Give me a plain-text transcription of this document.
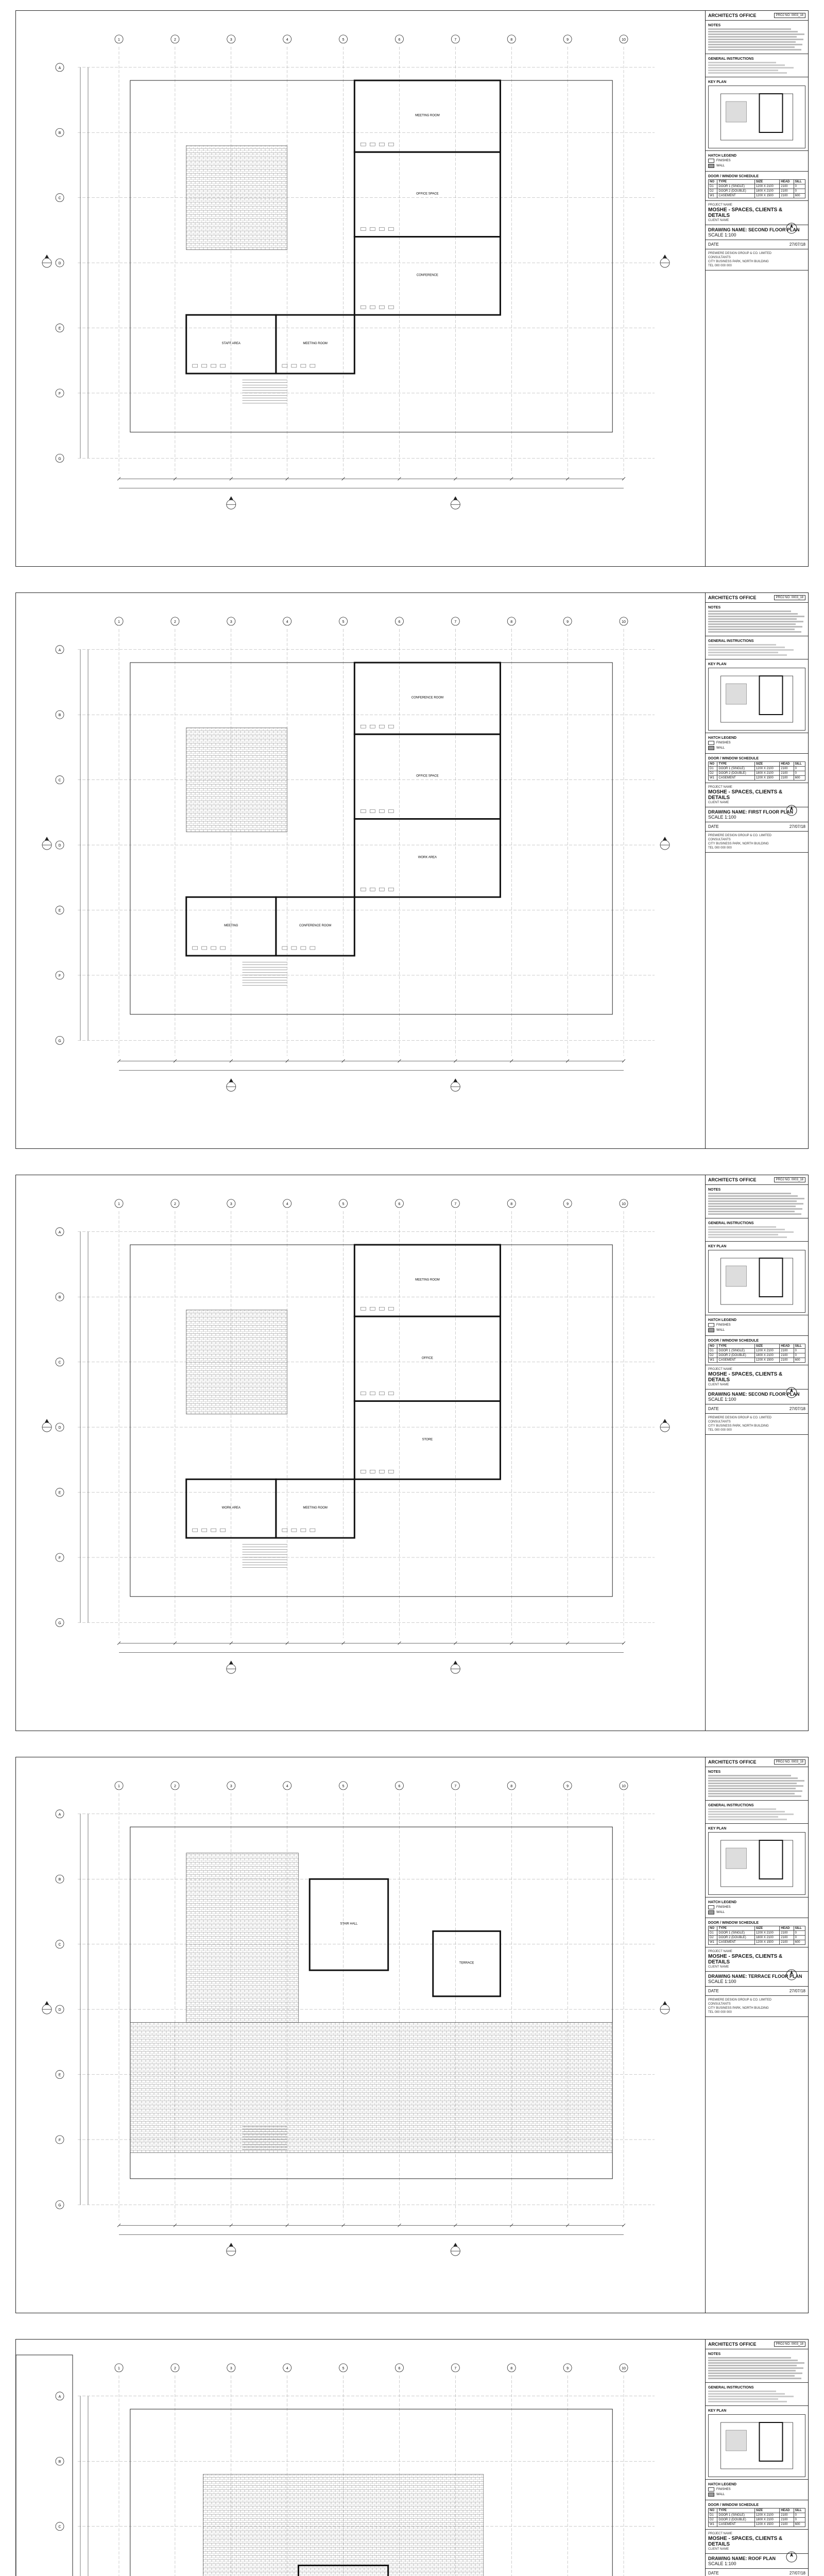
1	2	3	4	5	6	7	8	9	10
A
B
C
D
E
F
G
MEETING ROOM
OFFICE SPACE
CONFERENCE
STAFF AREA	MEETING ROOM
ARCHITECTS OFFICE	PROJ NO. 0003_18
NOTES
GENERAL INSTRUCTIONS
KEY PLAN
HATCH LEGEND
FINISHES
WALL
DOOR / WINDOW SCHEDULE
NO	TYPE	SIZE	HEAD	SILL
D1	DOOR 1 (SINGLE)	1200 X 2100	2100	0
D2	DOOR 2 (DOUBLE)	1800 X 2100	2100	0
W1	CASEMENT	1200 X 1500	2100	600
PROJECT NAME
MOSHE - SPACES, CLIENTS & DETAILS
CLIENT NAME
DRAWING NAME: SECOND FLOOR PLAN
SCALE 1:100
DATE	27/07/18
PREMIERE DESIGN GROUP & CO. LIMITED
CONSULTANTS
CITY BUSINESS PARK, NORTH BUILDING
TEL 000 000 000
1	2	3	4	5	6	7	8	9	10
A
B
C
D
E
F
G
CONFERENCE ROOM
OFFICE SPACE
WORK AREA
MEETING	CONFERENCE ROOM
ARCHITECTS OFFICE	PROJ NO. 0003_18
NOTES
GENERAL INSTRUCTIONS
KEY PLAN
HATCH LEGEND
FINISHES
WALL
DOOR / WINDOW SCHEDULE
NO	TYPE	SIZE	HEAD	SILL
D1	DOOR 1 (SINGLE)	1200 X 2100	2100	0
D2	DOOR 2 (DOUBLE)	1800 X 2100	2100	0
W1	CASEMENT	1200 X 1500	2100	600
PROJECT NAME
MOSHE - SPACES, CLIENTS & DETAILS
CLIENT NAME
DRAWING NAME: FIRST FLOOR PLAN
SCALE 1:100
DATE	27/07/18
PREMIERE DESIGN GROUP & CO. LIMITED
CONSULTANTS
CITY BUSINESS PARK, NORTH BUILDING
TEL 000 000 000
1	2	3	4	5	6	7	8	9	10
A
B
C
D
E
F
G
MEETING ROOM
OFFICE
STORE
WORK AREA	MEETING ROOM
ARCHITECTS OFFICE	PROJ NO. 0003_18
NOTES
GENERAL INSTRUCTIONS
KEY PLAN
HATCH LEGEND
FINISHES
WALL
DOOR / WINDOW SCHEDULE
NO	TYPE	SIZE	HEAD	SILL
D1	DOOR 1 (SINGLE)	1200 X 2100	2100	0
D2	DOOR 2 (DOUBLE)	1800 X 2100	2100	0
W1	CASEMENT	1200 X 1500	2100	600
PROJECT NAME
MOSHE - SPACES, CLIENTS & DETAILS
CLIENT NAME
DRAWING NAME: SECOND FLOOR PLAN
SCALE 1:100
DATE	27/07/18
PREMIERE DESIGN GROUP & CO. LIMITED
CONSULTANTS
CITY BUSINESS PARK, NORTH BUILDING
TEL 000 000 000
1	2	3	4	5	6	7	8	9	10
A
B
C
D
E
F
G
STAIR HALL
TERRACE
ARCHITECTS OFFICE	PROJ NO. 0003_18
NOTES
GENERAL INSTRUCTIONS
KEY PLAN
HATCH LEGEND
FINISHES
WALL
DOOR / WINDOW SCHEDULE
NO	TYPE	SIZE	HEAD	SILL
D1	DOOR 1 (SINGLE)	1200 X 2100	2100	0
D2	DOOR 2 (DOUBLE)	1800 X 2100	2100	0
W1	CASEMENT	1200 X 1500	2100	600
PROJECT NAME
MOSHE - SPACES, CLIENTS & DETAILS
CLIENT NAME
DRAWING NAME: TERRACE FLOOR PLAN
SCALE 1:100
DATE	27/07/18
PREMIERE DESIGN GROUP & CO. LIMITED
CONSULTANTS
CITY BUSINESS PARK, NORTH BUILDING
TEL 000 000 000
1	2	3	4	5	6	7	8	9	10
A
B
C
ARCHITECTS OFFICE	PROJ NO. 0003_18
NOTES
GENERAL INSTRUCTIONS
KEY PLAN
HATCH LEGEND
FINISHES
WALL
DOOR / WINDOW SCHEDULE
NO	TYPE	SIZE	HEAD	SILL
D1	DOOR 1 (SINGLE)	1200 X 2100	2100	0
D2	DOOR 2 (DOUBLE)	1800 X 2100	2100	0
W1	CASEMENT	1200 X 1500	2100	600
PROJECT NAME
MOSHE - SPACES, CLIENTS & DETAILS
CLIENT NAME
DRAWING NAME: ROOF PLAN
SCALE 1:100
DATE	27/07/18
